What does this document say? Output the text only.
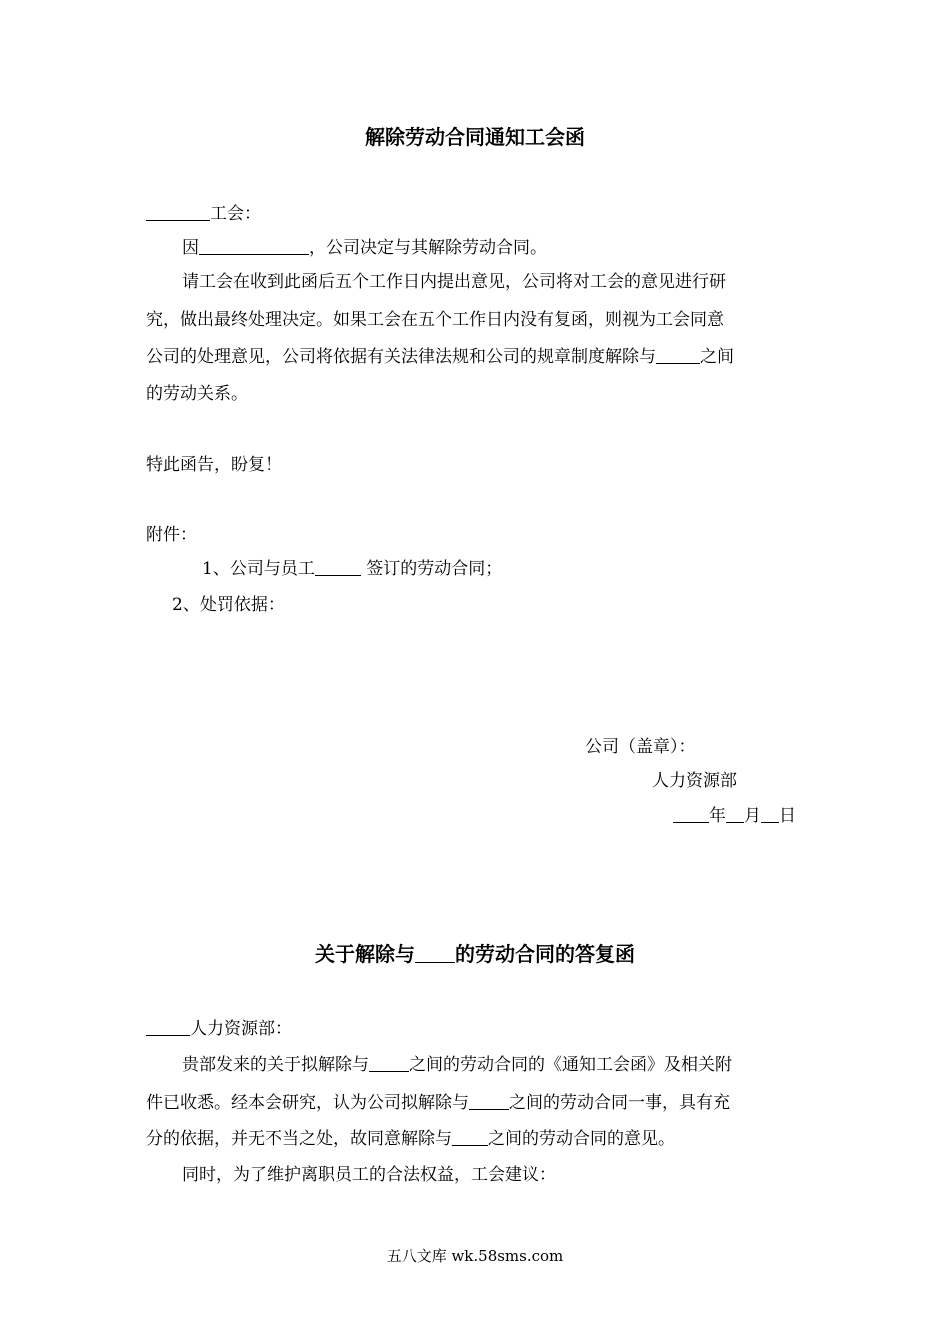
解除劳动合同通知工会函
工会：
因	，公司决定与其解除劳动合同。
请工会在收到此函后五个工作日内提出意见，公司将对工会的意见进行研
究，做出最终处理决定。如果工会在五个工作日内没有复函，则视为工会同意
公司的处理意见，公司将依据有关法律法规和公司的规章制度解除与	之间
的劳动关系。
特此函告，盼复！
附件：
1、公司与员工	签订的劳动合同；
2、处罚依据：
公司（盖章）：
人力资源部
年 月 日
关于解除与 的劳动合同的答复函
人力资源部：
贵部发来的关于拟解除与 之间的劳动合同的《通知工会函》及相关附
件已收悉。经本会研究，认为公司拟解除与 之间的劳动合同一事，具有充
分的依据，并无不当之处，故同意解除与 之间的劳动合同的意见。
同时，为了维护离职员工的合法权益，工会建议：
五八文库 wk.58sms.com
